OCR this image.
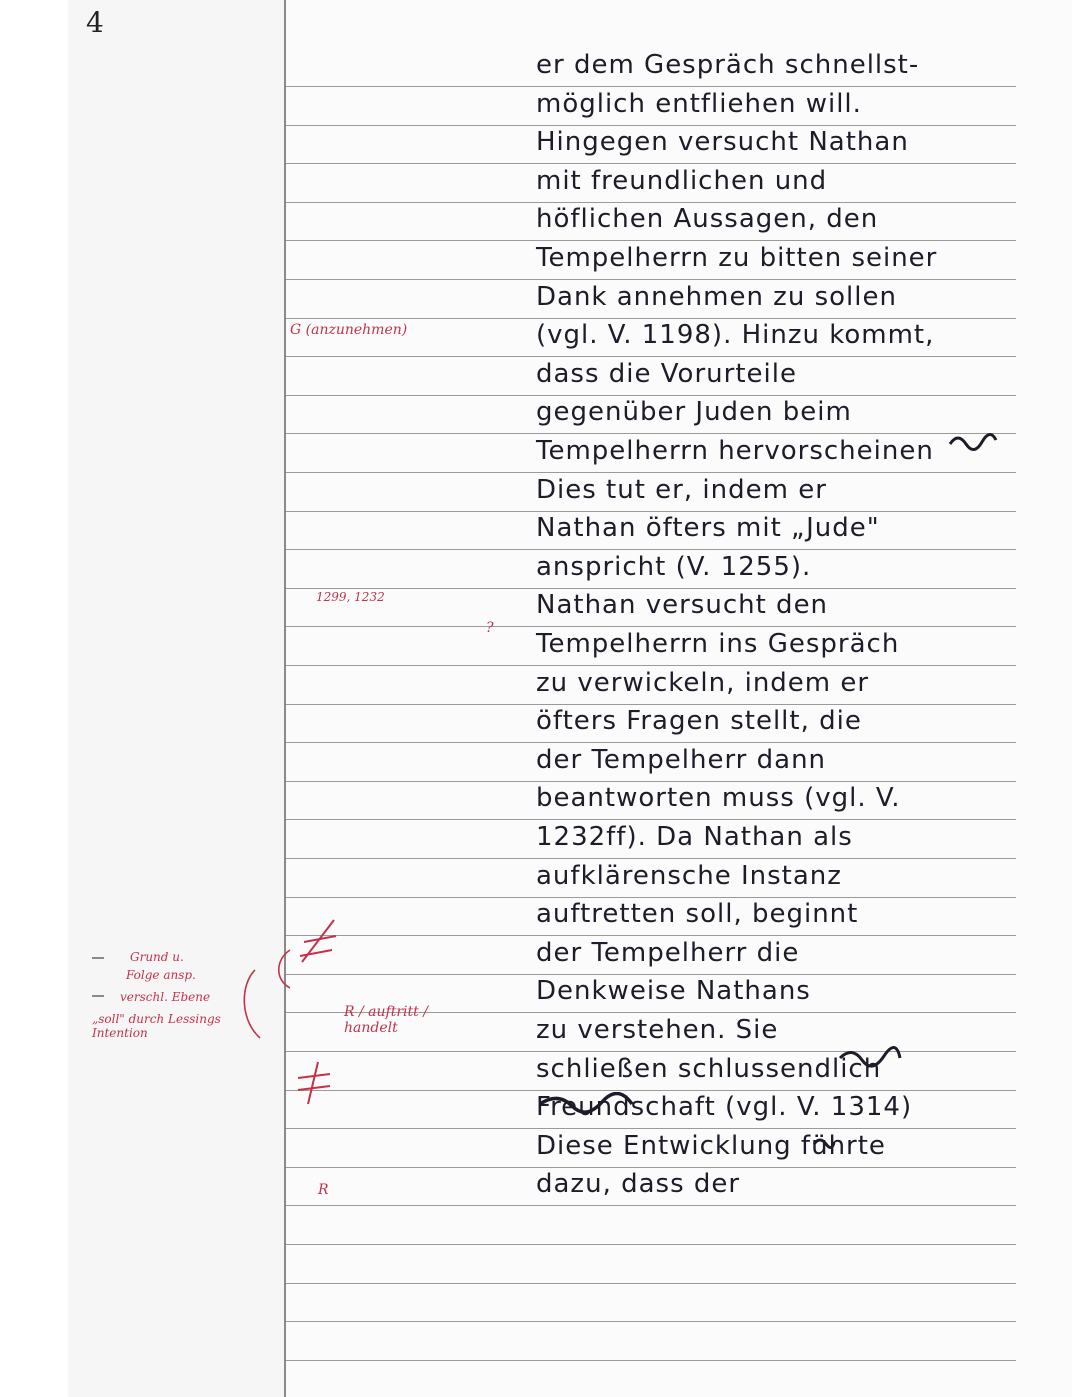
4
er dem Gespräch schnellst-
möglich entfliehen will.
Hingegen versucht Nathan
mit freundlichen und
höflichen Aussagen, den
Tempelherrn zu bitten seiner
Dank annehmen zu sollen
(vgl. V. 1198). Hinzu kommt,
dass die Vorurteile
gegenüber Juden beim
Tempelherrn hervorscheinen
Dies tut er, indem er
Nathan öfters mit „Jude"
anspricht (V. 1255).
Nathan versucht den
Tempelherrn ins Gespräch
zu verwickeln, indem er
öfters Fragen stellt, die
der Tempelherr dann
beantworten muss (vgl. V.
1232ff). Da Nathan als
aufklärensche Instanz
auftretten soll, beginnt
der Tempelherr die
Denkweise Nathans
zu verstehen. Sie
schließen schlussendlich
Freundschaft (vgl. V. 1314)
Diese Entwicklung führte
dazu, dass der
G (anzunehmen)
1299, 1232
?
R / auftritt / handelt
R
Grund u.
Folge ansp.
verschl. Ebene
„soll" durch Lessings Intention
